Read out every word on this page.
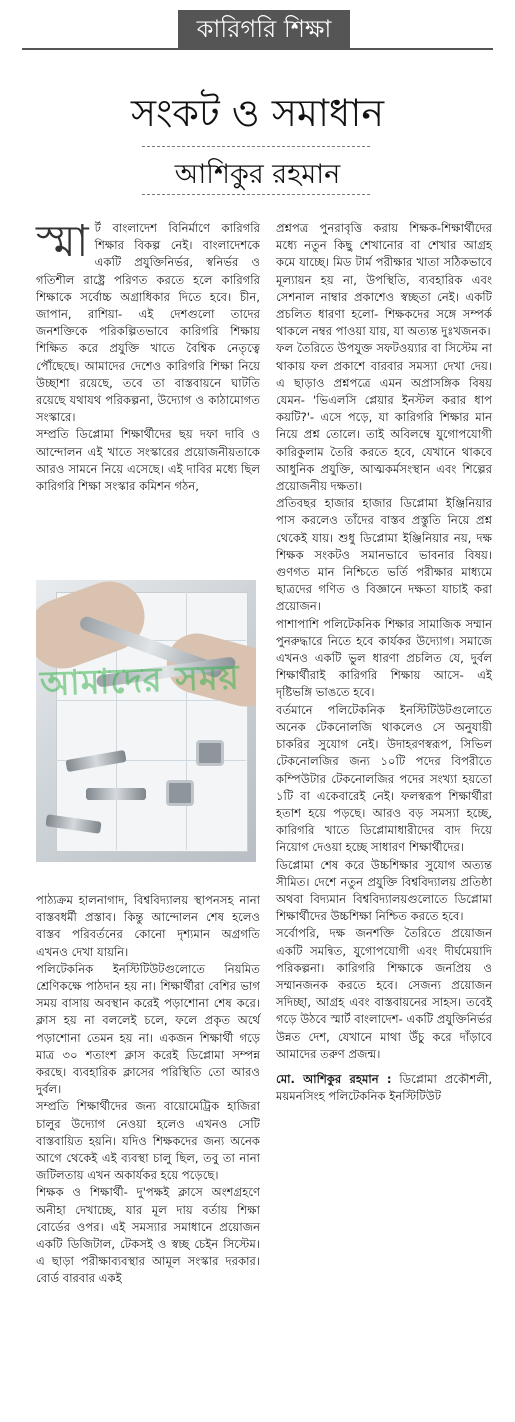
কারিগরি শিক্ষা
সংকট ও সমাধান
আশিকুর রহমান

স্মা র্ট বাংলাদেশ বিনির্মাণে কারিগরি শিক্ষার বিকল্প নেই। বাংলাদেশকে একটি প্রযুক্তিনির্ভর, স্বনির্ভর ও গতিশীল রাষ্ট্রে পরিণত করতে হলে কারিগরি শিক্ষাকে সর্বোচ্চ অগ্রাধিকার দিতে হবে। চীন, জাপান, রাশিয়া- এই দেশগুলো তাদের জনশক্তিকে পরিকল্পিতভাবে কারিগরি শিক্ষায় শিক্ষিত করে প্রযুক্তি খাতে বৈশ্বিক নেতৃত্বে পৌঁছেছে। আমাদের দেশেও কারিগরি শিক্ষা নিয়ে উচ্ছাশা রয়েছে, তবে তা বাস্তবায়নে ঘাটতি রয়েছে যথাযথ পরিকল্পনা, উদ্যোগ ও কাঠামোগত সংস্কারে।

সম্প্রতি ডিপ্লোমা শিক্ষার্থীদের ছয় দফা দাবি ও আন্দোলন এই খাতে সংস্কারের প্রয়োজনীয়তাকে আরও সামনে নিয়ে এসেছে। এই দাবির মধ্যে ছিল কারিগরি শিক্ষা সংস্কার কমিশন গঠন,

পাঠ্যক্রম হালনাগাদ, বিশ্ববিদ্যালয় স্থাপনসহ নানা বাস্তবধর্মী প্রস্তাব। কিন্তু আন্দোলন শেষ হলেও বাস্তব পরিবর্তনের কোনো দৃশ্যমান অগ্রগতি এখনও দেখা যায়নি।

পলিটেকনিক ইনস্টিটিউটগুলোতে নিয়মিত শ্রেণিকক্ষে পাঠদান হয় না। শিক্ষার্থীরা বেশির ভাগ সময় বাসায় অবস্থান করেই পড়াশোনা শেষ করে। ক্লাস হয় না বললেই চলে, ফলে প্রকৃত অর্থে পড়াশোনা তেমন হয় না। একজন শিক্ষার্থী গড়ে মাত্র ৩০ শতাংশ ক্লাস করেই ডিপ্লোমা সম্পন্ন করছে। ব্যবহারিক ক্লাসের পরিস্থিতি তো আরও দুর্বল।

সম্প্রতি শিক্ষার্থীদের জন্য বায়োমেট্রিক হাজিরা চালুর উদ্যোগ নেওয়া হলেও এখনও সেটি বাস্তবায়িত হয়নি। যদিও শিক্ষকদের জন্য অনেক আগে থেকেই এই ব্যবস্থা চালু ছিল, তবু তা নানা জটিলতায় এখন অকার্যকর হয়ে পড়েছে।

শিক্ষক ও শিক্ষার্থী- দু'পক্ষই ক্লাসে অংশগ্রহণে অনীহা দেখাচ্ছে, যার মূল দায় বর্তায় শিক্ষা বোর্ডের ওপর। এই সমস্যার সমাধানে প্রয়োজন একটি ডিজিটাল, টেকসই ও স্বচ্ছ চেইন সিস্টেম। এ ছাড়া পরীক্ষাব্যবস্থার আমূল সংস্কার দরকার। বোর্ড বারবার একই

প্রশ্নপত্র পুনরাবৃত্তি করায় শিক্ষক-শিক্ষার্থীদের মধ্যে নতুন কিছু শেখানোর বা শেখার আগ্রহ কমে যাচ্ছে। মিড টার্ম পরীক্ষার খাতা সঠিকভাবে মূল্যায়ন হয় না, উপস্থিতি, ব্যবহারিক এবং সেশনাল নাম্বার প্রকাশেও স্বচ্ছতা নেই। একটি প্রচলিত ধারণা হলো- শিক্ষকদের সঙ্গে সম্পর্ক থাকলে নম্বর পাওয়া যায়, যা অত্যন্ত দুঃখজনক।

ফল তৈরিতে উপযুক্ত সফটওয়্যার বা সিস্টেম না থাকায় ফল প্রকাশে বারবার সমস্যা দেখা দেয়। এ ছাড়াও প্রশ্নপত্রে এমন অপ্রাসঙ্গিক বিষয় যেমন- 'ভিএলসি প্লেয়ার ইনস্টল করার ধাপ কয়টি?'- এসে পড়ে, যা কারিগরি শিক্ষার মান নিয়ে প্রশ্ন তোলে। তাই অবিলম্বে যুগোপযোগী কারিকুলাম তৈরি করতে হবে, যেখানে থাকবে আধুনিক প্রযুক্তি, আত্মকর্মসংস্থান এবং শিল্পের প্রয়োজনীয় দক্ষতা।

প্রতিবছর হাজার হাজার ডিপ্লোমা ইঞ্জিনিয়ার পাস করলেও তাঁদের বাস্তব প্রস্তুতি নিয়ে প্রশ্ন থেকেই যায়। শুধু ডিপ্লোমা ইঞ্জিনিয়ার নয়, দক্ষ শিক্ষক সংকটও সমানভাবে ভাবনার বিষয়। গুণগত মান নিশ্চিতে ভর্তি পরীক্ষার মাধ্যমে ছাত্রদের গণিত ও বিজ্ঞানে দক্ষতা যাচাই করা প্রয়োজন।

পাশাপাশি পলিটেকনিক শিক্ষার সামাজিক সম্মান পুনরুদ্ধারে নিতে হবে কার্যকর উদ্যোগ। সমাজে এখনও একটি ভুল ধারণা প্রচলিত যে, দুর্বল শিক্ষার্থীরাই কারিগরি শিক্ষায় আসে- এই দৃষ্টিভঙ্গি ভাঙতে হবে।

বর্তমানে পলিটেকনিক ইনস্টিটিউটগুলোতে অনেক টেকনোলজি থাকলেও সে অনুযায়ী চাকরির সুযোগ নেই। উদাহরণস্বরূপ, সিভিল টেকনোলজির জন্য ১০টি পদের বিপরীতে কম্পিউটার টেকনোলজির পদের সংখ্যা হয়তো ১টি বা একেবারেই নেই। ফলস্বরূপ শিক্ষার্থীরা হতাশ হয়ে পড়ছে। আরও বড় সমস্যা হচ্ছে, কারিগরি খাতে ডিপ্লোমাধারীদের বাদ দিয়ে নিয়োগ দেওয়া হচ্ছে সাধারণ শিক্ষার্থীদের।

ডিপ্লোমা শেষ করে উচ্চশিক্ষার সুযোগ অত্যন্ত সীমিত। দেশে নতুন প্রযুক্তি বিশ্ববিদ্যালয় প্রতিষ্ঠা অথবা বিদ্যমান বিশ্ববিদ্যালয়গুলোতে ডিপ্লোমা শিক্ষার্থীদের উচ্চশিক্ষা নিশ্চিত করতে হবে।

সর্বোপরি, দক্ষ জনশক্তি তৈরিতে প্রয়োজন একটি সমন্বিত, যুগোপযোগী এবং দীর্ঘমেয়াদি পরিকল্পনা। কারিগরি শিক্ষাকে জনপ্রিয় ও সম্মানজনক করতে হবে। সেজন্য প্রয়োজন সদিচ্ছা, আগ্রহ এবং বাস্তবায়নের সাহস। তবেই গড়ে উঠবে স্মার্ট বাংলাদেশ- একটি প্রযুক্তিনির্ভর উন্নত দেশ, যেখানে মাথা উঁচু করে দাঁড়াবে আমাদের তরুণ প্রজন্ম।

মো. আশিকুর রহমান : ডিপ্লোমা প্রকৌশলী, ময়মনসিংহ পলিটেকনিক ইনস্টিটিউট

আমাদের সময়
